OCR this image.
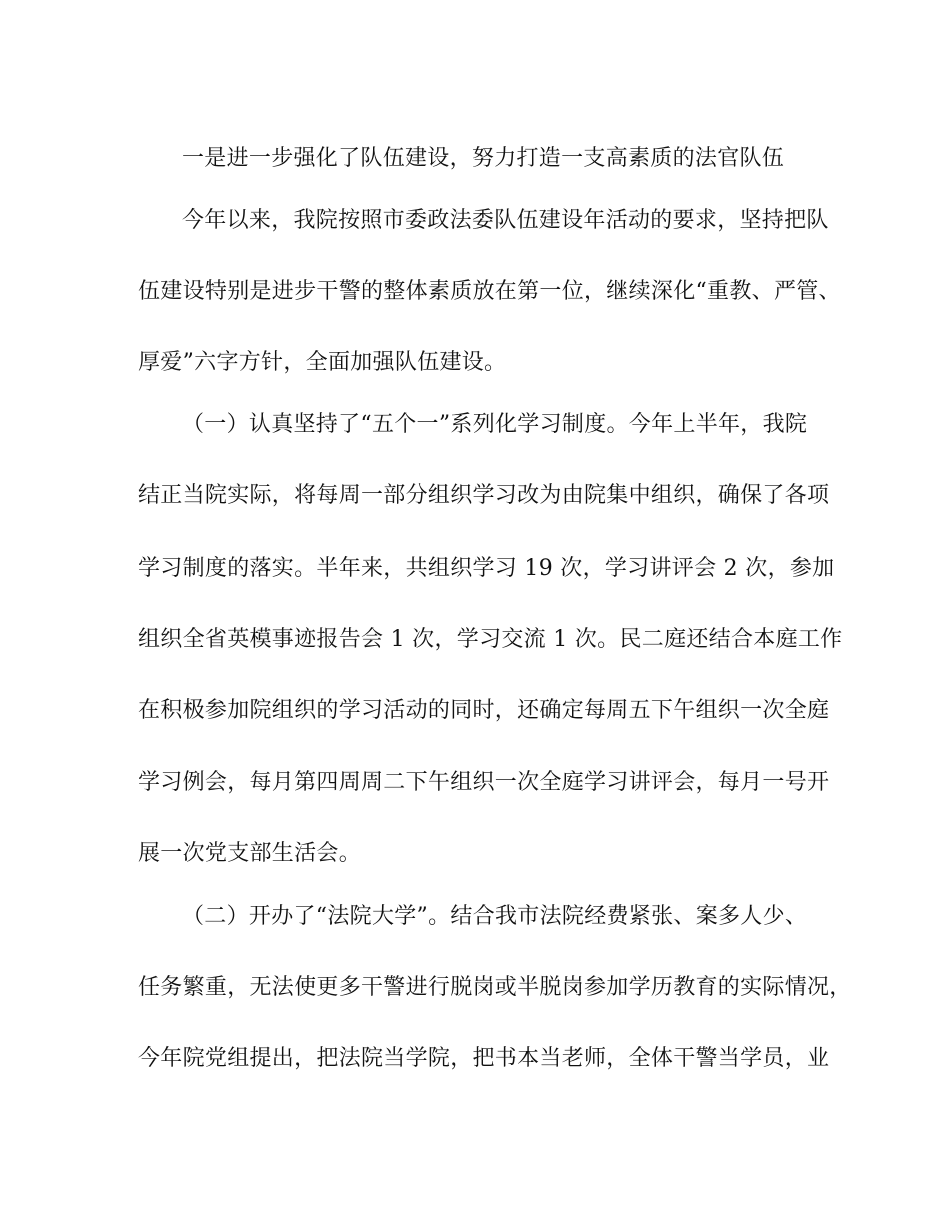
一是进一步强化了队伍建设，努力打造一支高素质的法官队伍
今年以来，我院按照市委政法委队伍建设年活动的要求，坚持把队
伍建设特别是进步干警的整体素质放在第一位，继续深化“重教、严管、
厚爱”六字方针，全面加强队伍建设。
（一）认真坚持了“五个一”系列化学习制度。今年上半年，我院
结正当院实际，将每周一部分组织学习改为由院集中组织，确保了各项
学习制度的落实。半年来，共组织学习 19 次，学习讲评会 2 次，参加
组织全省英模事迹报告会 1 次，学习交流 1 次。民二庭还结合本庭工作
在积极参加院组织的学习活动的同时，还确定每周五下午组织一次全庭
学习例会，每月第四周周二下午组织一次全庭学习讲评会，每月一号开
展一次党支部生活会。
（二）开办了“法院大学”。结合我市法院经费紧张、案多人少、
任务繁重，无法使更多干警进行脱岗或半脱岗参加学历教育的实际情况，
今年院党组提出，把法院当学院，把书本当老师，全体干警当学员，业
